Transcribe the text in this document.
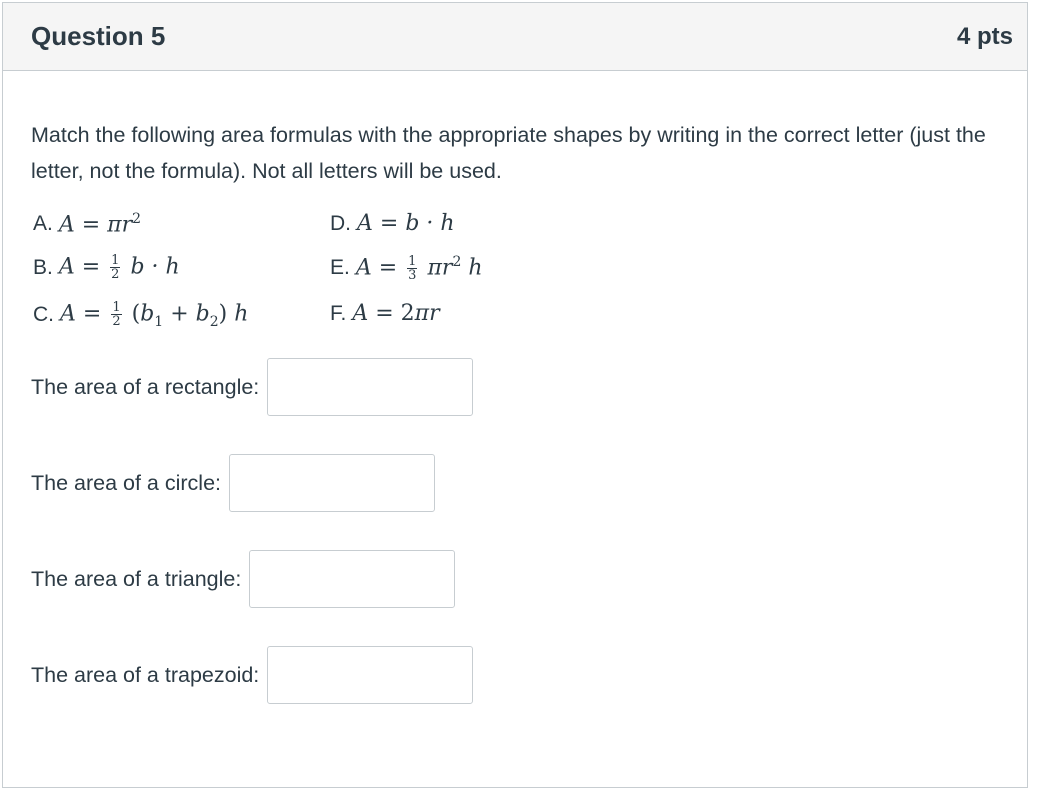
Question 5	4 pts
Match the following area formulas with the appropriate shapes by writing in the correct letter (just the letter, not the formula). Not all letters will be used.
A. $A = \pi r^2$
B. $A = \frac{1}{2}$ b · h
C. $A = \frac{1}{2} (b_1 + b_2)$ h
D. A = b · h
E. $A = \frac{1}{3} \pi r^2$ h
F. A = 2πr
The area of a rectangle:
The area of a circle:
The area of a triangle:
The area of a trapezoid:
